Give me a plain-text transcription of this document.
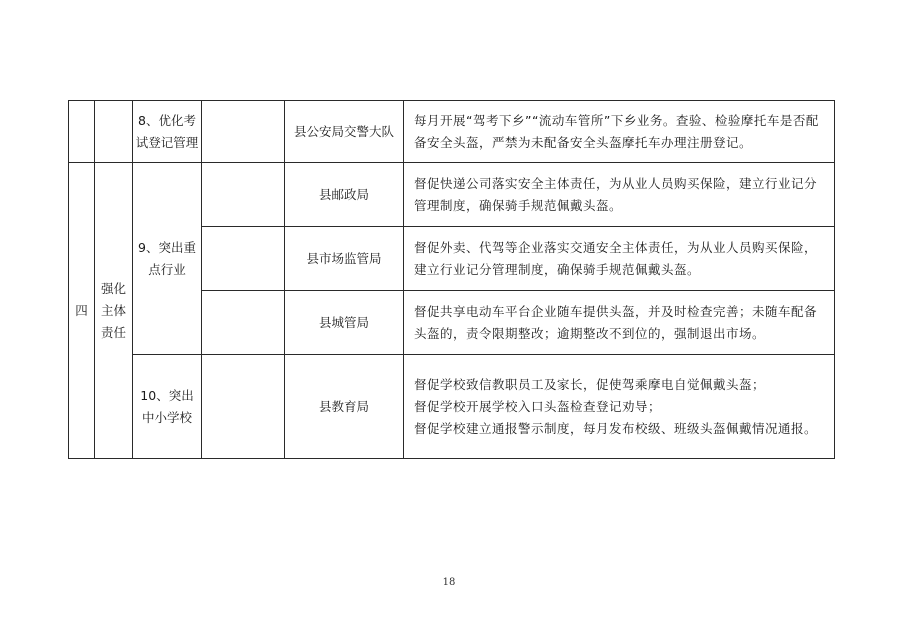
		8、优化考试登记管理		县公安局交警大队	每月开展“驾考下乡”“流动车管所”下乡业务。查验、检验摩托车是否配备安全头盔，严禁为未配备安全头盔摩托车办理注册登记。
四	强化主体责任	9、突出重点行业		县邮政局	督促快递公司落实安全主体责任，为从业人员购买保险，建立行业记分管理制度，确保骑手规范佩戴头盔。
				县市场监管局	督促外卖、代驾等企业落实交通安全主体责任，为从业人员购买保险，建立行业记分管理制度，确保骑手规范佩戴头盔。
				县城管局	督促共享电动车平台企业随车提供头盔，并及时检查完善；未随车配备头盔的，责令限期整改；逾期整改不到位的，强制退出市场。

		10、突出中小学校		县教育局	督促学校致信教职员工及家长，促使驾乘摩电自觉佩戴头盔；
督促学校开展学校入口头盔检查登记劝导；
督促学校建立通报警示制度，每月发布校级、班级头盔佩戴情况通报。
18
